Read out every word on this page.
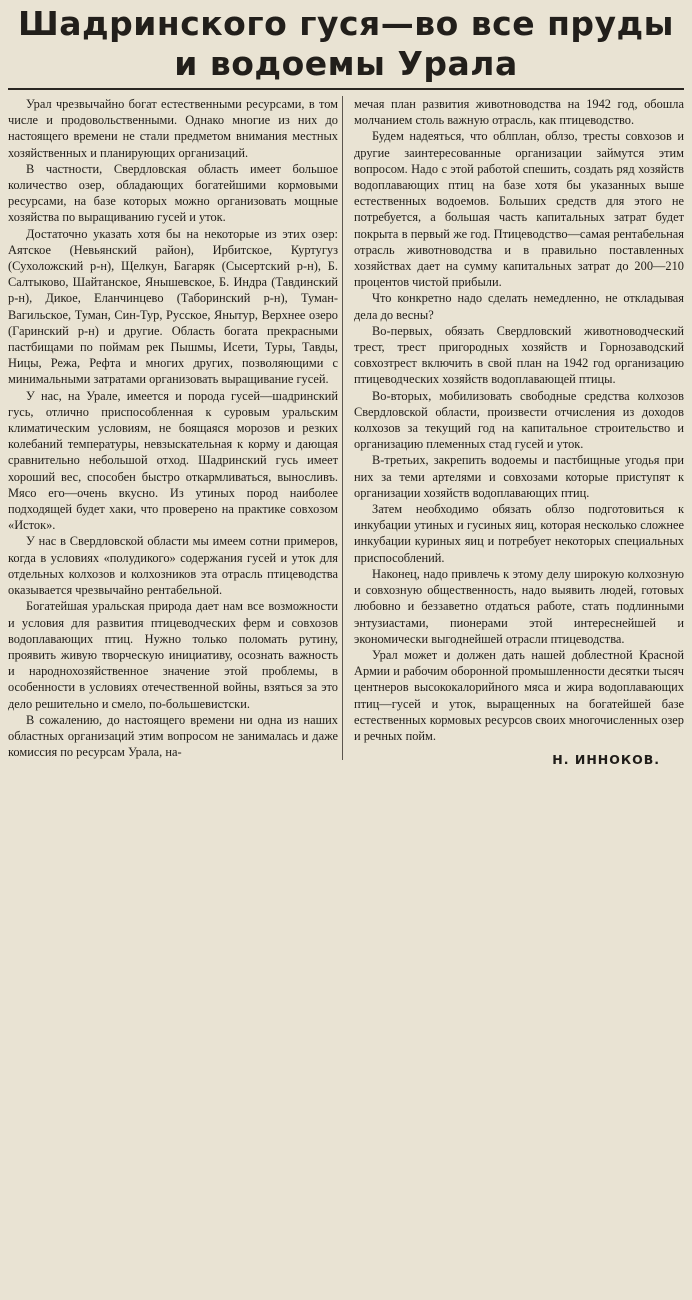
Шадринского гуся—во все пруды
и водоемы Урала

Урал чрезвычайно богат естественными ресурсами, в том числе и продовольственными. Однако многие из них до настоящего времени не стали предметом внимания местных хозяйственных и планирующих организаций.

В частности, Свердловская область имеет большое количество озер, обладающих богатейшими кормовыми ресурсами, на базе которых можно организовать мощные хозяйства по выращиванию гусей и уток.

Достаточно указать хотя бы на некоторые из этих озер: Аятское (Невьянский район), Ирбитское, Куртугуз (Сухоложский р-н), Щелкун, Багаряк (Сысертский р-н), Б. Салтыково, Шайтанское, Янышевское, Б. Индра (Тавдинский р-н), Дикое, Еланчинцево (Таборинский р-н), Туман-Вагильское, Туман, Син-Тур, Русское, Янытур, Верхнее озеро (Гаринский р-н) и другие. Область богата прекрасными пастбищами по поймам рек Пышмы, Исети, Туры, Тавды, Ницы, Режа, Рефта и многих других, позволяющими с минимальными затратами организовать выращивание гусей.

У нас, на Урале, имеется и порода гусей—шадринский гусь, отлично приспособленная к суровым уральским климатическим условиям, не боящаяся морозов и резких колебаний температуры, невзыскательная к корму и дающая сравнительно небольшой отход. Шадринский гусь имеет хороший вес, способен быстро откармливаться, выносливъ. Мясо его—очень вкусно. Из утиных пород наиболее подходящей будет хаки, что проверено на практике совхозом «Исток».

У нас в Свердловской области мы имеем сотни примеров, когда в условиях «полудикого» содержания гусей и уток для отдельных колхозов и колхозников эта отрасль птицеводства оказывается чрезвычайно рентабельной.

Богатейшая уральская природа дает нам все возможности и условия для развития птицеводческих ферм и совхозов водоплавающих птиц. Нужно только поломать рутину, проявить живую творческую инициативу, осознать важность и народнохозяйственное значение этой проблемы, в особенности в условиях отечественной войны, взяться за это дело решительно и смело, по-большевистски.

В сожалению, до настоящего времени ни одна из наших областных организаций этим вопросом не занималась и даже комиссия по ресурсам Урала, на-

мечая план развития животноводства на 1942 год, обошла молчанием столь важную отрасль, как птицеводство.

Будем надеяться, что облплан, облзо, тресты совхозов и другие заинтересованные организации займутся этим вопросом. Надо с этой работой спешить, создать ряд хозяйств водоплавающих птиц на базе хотя бы указанных выше естественных водоемов. Больших средств для этого не потребуется, а большая часть капитальных затрат будет покрыта в первый же год. Птицеводство—самая рентабельная отрасль животноводства и в правильно поставленных хозяйствах дает на сумму капитальных затрат до 200—210 процентов чистой прибыли.

Что конкретно надо сделать немедленно, не откладывая дела до весны?

Во-первых, обязать Свердловский животноводческий трест, трест пригородных хозяйств и Горнозаводский совхозтрест включить в свой план на 1942 год организацию птицеводческих хозяйств водоплавающей птицы.

Во-вторых, мобилизовать свободные средства колхозов Свердловской области, произвести отчисления из доходов колхозов за текущий год на капитальное строительство и организацию племенных стад гусей и уток.

В-третьих, закрепить водоемы и пастбищные угодья при них за теми артелями и совхозами которые приступят к организации хозяйств водоплавающих птиц.

Затем необходимо обязать облзо подготовиться к инкубации утиных и гусиных яиц, которая несколько сложнее инкубации куриных яиц и потребует некоторых специальных приспособлений.

Наконец, надо привлечь к этому делу широкую колхозную и совхозную общественность, надо выявить людей, готовых любовно и беззаветно отдаться работе, стать подлинными энтузиастами, пионерами этой интереснейшей и экономически выгоднейшей отрасли птицеводства.

Урал может и должен дать нашей доблестной Красной Армии и рабочим оборонной промышленности десятки тысяч центнеров высококалорийного мяса и жира водоплавающих птиц—гусей и уток, выращенных на богатейшей базе естественных кормовых ресурсов своих многочисленных озер и речных пойм.

Н. ИННОКОВ.
